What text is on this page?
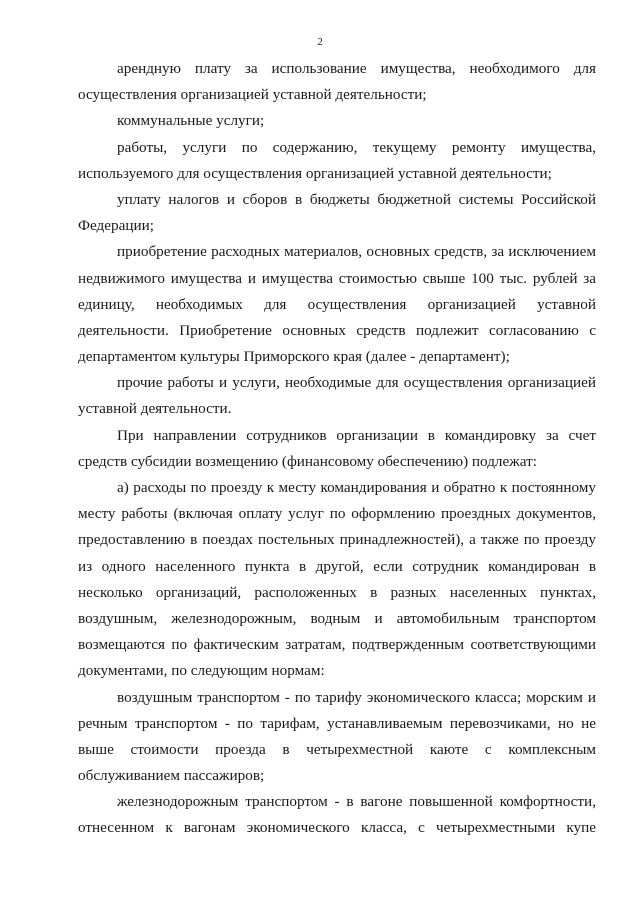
2
арендную плату за использование имущества, необходимого для
осуществления организацией уставной деятельности;
коммунальные услуги;
работы, услуги по содержанию, текущему ремонту имущества,
используемого для осуществления организацией уставной деятельности;
уплату налогов и сборов в бюджеты бюджетной системы Российской
Федерации;
приобретение расходных материалов, основных средств, за исключением
недвижимого имущества и имущества стоимостью свыше 100 тыс. рублей за
единицу, необходимых для осуществления организацией уставной
деятельности. Приобретение основных средств подлежит согласованию с
департаментом культуры Приморского края (далее - департамент);
прочие работы и услуги, необходимые для осуществления организацией
уставной деятельности.
При направлении сотрудников организации в командировку за счет
средств субсидии возмещению (финансовому обеспечению) подлежат:
а) расходы по проезду к месту командирования и обратно к постоянному
месту работы (включая оплату услуг по оформлению проездных документов,
предоставлению в поездах постельных принадлежностей), а также по проезду
из одного населенного пункта в другой, если сотрудник командирован в
несколько организаций, расположенных в разных населенных пунктах,
воздушным, железнодорожным, водным и автомобильным транспортом
возмещаются по фактическим затратам, подтвержденным соответствующими
документами, по следующим нормам:
воздушным транспортом - по тарифу экономического класса; морским и
речным транспортом - по тарифам, устанавливаемым перевозчиками, но не
выше стоимости проезда в четырехместной каюте с комплексным
обслуживанием пассажиров;
железнодорожным транспортом - в вагоне повышенной комфортности,
отнесенном к вагонам экономического класса, с четырехместными купе
